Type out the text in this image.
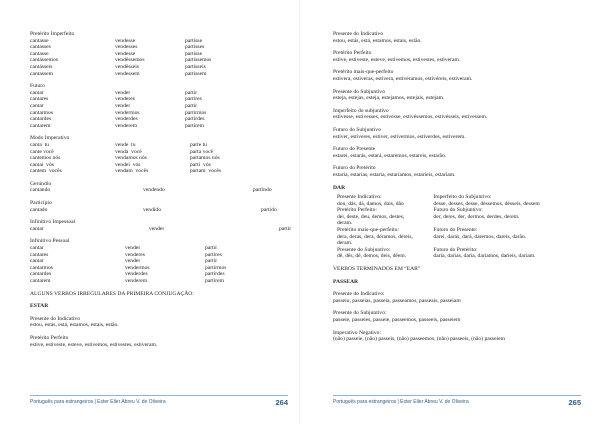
Pretérito Imperfeito
cantasse	vendesse	partisse
cantasses	vendesses	partisses
cantasse	vendesse	partisse
cantássemos	vendêssemos	partíssemos
cantásseis	vendêsseis	partísseis
cantassem	vendessem	partissem
Futuro
cantar	vender	partir
cantares	venderes	partires
cantar	vender	partir
cantarmos	vendermos	partirmos
cantardes	venderdes	partirdes
cantarem	venderem	partirem
Modo Imperativo
canta  tu	vende  tu	parte tu
cante você	venda  você	parta você
cantemos nós	vendamos nós	partamos nós
cantai  vós	vendei  vós	parti  vós
cantem  vocês	vendam  vocês	partam  vocês
Gerúndio
cantando	vendendo	partindo
Particípio
cantado	vendido	partido
Infinitivo Impessoal
cantar	vender	partir
Infinitivo Pessoal
cantar	vender	partir
cantares	venderes	partires
cantar	vender	partir
cantarmos	vendermos	partirmos
cantardes	venderdes	partirdes
cantarem	venderem	partirem
ALGUNS VERBOS IRREGULARES DA PRIMEIRA CONJUGAÇÃO:
ESTAR
Presente do Indicativo
estou, estás, está, estamos, estais, estão.
Pretérito Perfeito
estive, estiveste, esteve, estivemos, estivestes, estiveram.
Português para estrangeiros | Ester Eiler Abreu V. de Oliveira	264
Presente do Indicativo
estou, estás, está, estamos, estais, estão.
Pretérito Perfeito
estive, estiveste, esteve, estivemos, estivestes, estiveram.
Pretérito mais-que-perfeito
estivera, estiveras, estivera, estivéramos, estivéreis, estiveram.
Presente do Subjuntivo
esteja, estejas, esteja, estejamos, estejais, estejam.
Imperfeito do subjuntivo
estivesse, estivesses, estivesse, estivéssemos, estivésseis, estivessem.
Futuro do Subjuntivo
estiver, estiveres, estiver, estivermos, estiverdes, estiverem.
Futuro do Presente
estarei, estarás, estará, estaremos, estareis, estarão.
Futuro do Pretérito
estaria, estarias, estaria, estaríamos, estaríeis, estariam.
DAR
Presente Indicativo:	Imperfeito do Subjuntivo:
dou, dás, dá, damos, dais, dão	desse, desses, desse, déssemos, désseis, dessem
Pretérito Perfeito:	Futuro do Subjuntivo:
dei, deste, deu, demos, destes,	der, deres, der, dermos, derdes, derem.
deram.
Pretérito mais-que-perfeito:	Futuro do Presente:
dera, deras, dera, déramos, déreis,	darei, darás, dará, daremos, dareis, darão.
deram.
Presente do Subjuntivo:	Futuro do Pretérito:
dê, dês, dê, demos, deis, dêem.	daria, darias, daria, daríamos, daríeis, dariam.
VERBOS TERMINADOS EM “EAR”
PASSEAR
Presente do Indicativo:
passeio, passeias, passeia, passeamos, passeais, passeiam
Presente do Subjuntivo:
passeie, passeies, passeie, passeemos, passeeis, passeiem
Imperativo Negativo:
(não) passeie, (não) passeis, (não) passeemos, (não) passeeis, (não) passeiem
Português para estrangeiros | Ester Eiler Abreu V. de Oliveira	265
